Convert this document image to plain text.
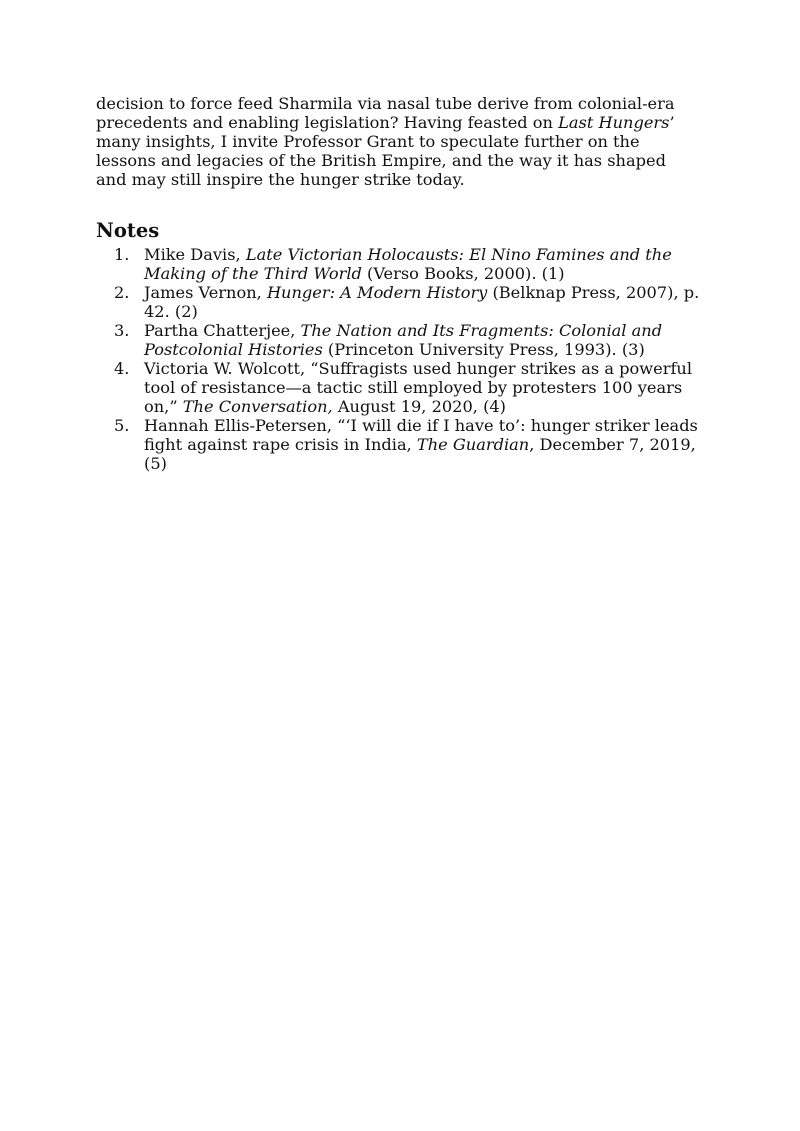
decision to force feed Sharmila via nasal tube derive from colonial-era precedents and enabling legislation? Having feasted on Last Hungers’ many insights, I invite Professor Grant to speculate further on the lessons and legacies of the British Empire, and the way it has shaped and may still inspire the hunger strike today.

Notes
1. Mike Davis, Late Victorian Holocausts: El Nino Famines and the Making of the Third World (Verso Books, 2000). (1)
2. James Vernon, Hunger: A Modern History (Belknap Press, 2007), p. 42. (2)
3. Partha Chatterjee, The Nation and Its Fragments: Colonial and Postcolonial Histories (Princeton University Press, 1993). (3)
4. Victoria W. Wolcott, “Suffragists used hunger strikes as a powerful tool of resistance—a tactic still employed by protesters 100 years on,” The Conversation, August 19, 2020, (4)
5. Hannah Ellis-Petersen, “‘I will die if I have to’: hunger striker leads fight against rape crisis in India, The Guardian, December 7, 2019, (5)
